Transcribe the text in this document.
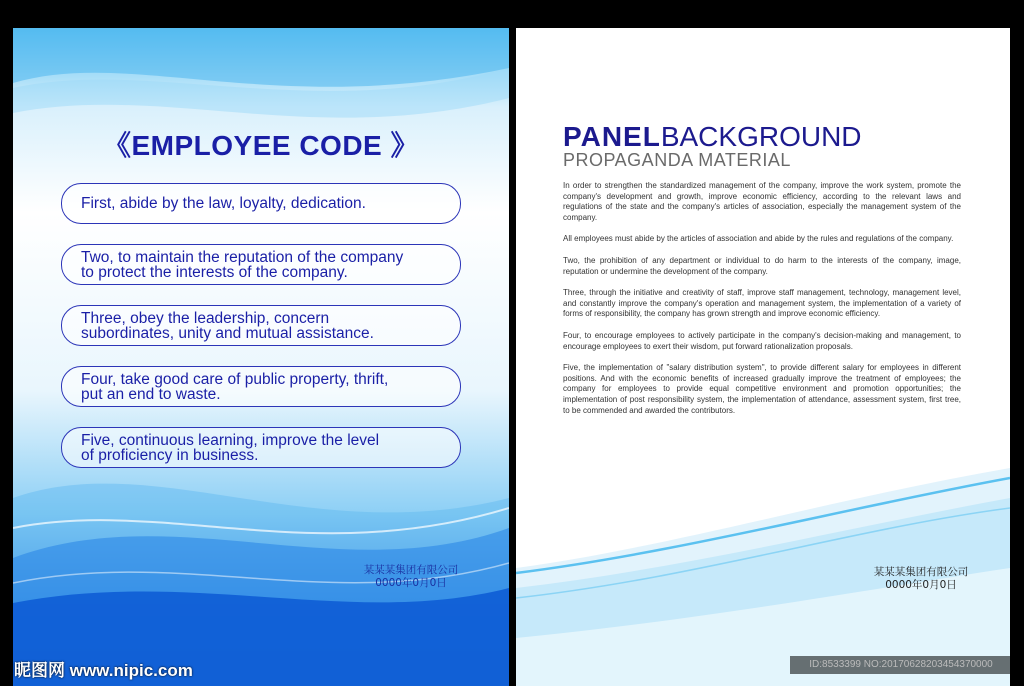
《EMPLOYEE CODE 》
First, abide by the law, loyalty, dedication.
Two, to maintain the reputation of the company
to protect the interests of the company.
Three, obey the leadership, concern
subordinates, unity and mutual assistance.
Four, take good care of public property, thrift,
put an end to waste.
Five, continuous learning, improve the level
of proficiency in business.
某某某集团有限公司
0000年0月0日
PANELBACKGROUND
PROPAGANDA MATERIAL

In order to strengthen the standardized management of the company, improve the work system, promote the company's development and growth, improve economic efficiency, according to the relevant laws and regulations of the state and the company's articles of association, especially the management system of the company.

All employees must abide by the articles of association and abide by the rules and regulations of the company.

Two, the prohibition of any department or individual to do harm to the interests of the company, image, reputation or undermine the development of the company.

Three, through the initiative and creativity of staff, improve staff management, technology, management level, and constantly improve the company's operation and management system, the implementation of a variety of forms of responsibility, the company has grown strength and improve economic efficiency.

Four, to encourage employees to actively participate in the company's decision-making and management, to encourage employees to exert their wisdom, put forward rationalization proposals.

Five, the implementation of "salary distribution system", to provide different salary for employees in different positions. And with the economic benefits of increased gradually improve the treatment of employees; the company for employees to provide equal competitive environment and promotion opportunities; the implementation of post responsibility system, the implementation of attendance, assessment system, first tree, to be commended and awarded the contributors.

某某某集团有限公司
0000年0月0日
昵图网 www.nipic.com	ID:8533399 NO:20170628203454370000
